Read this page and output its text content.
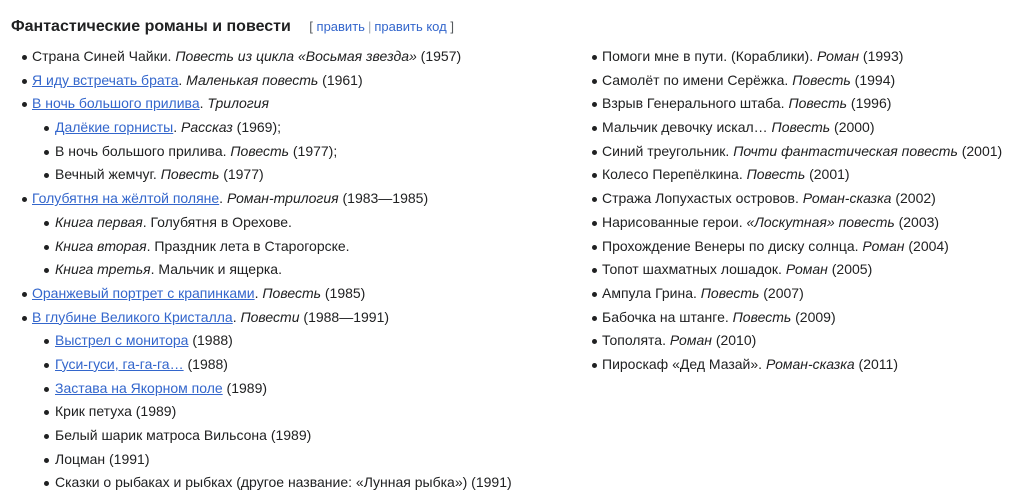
Фантастические романы и повести [ править | править код ]
Страна Синей Чайки. Повесть из цикла «Восьмая звезда» (1957)
Я иду встречать брата. Маленькая повесть (1961)
В ночь большого прилива. Трилогия
Далёкие горнисты. Рассказ (1969);
В ночь большого прилива. Повесть (1977);
Вечный жемчуг. Повесть (1977)
Голубятня на жёлтой поляне. Роман-трилогия (1983—1985)
Книга первая. Голубятня в Орехове.
Книга вторая. Праздник лета в Старогорске.
Книга третья. Мальчик и ящерка.
Оранжевый портрет с крапинками. Повесть (1985)
В глубине Великого Кристалла. Повести (1988—1991)
Выстрел с монитора (1988)
Гуси-гуси, га-га-га… (1988)
Застава на Якорном поле (1989)
Крик петуха (1989)
Белый шарик матроса Вильсона (1989)
Лоцман (1991)
Сказки о рыбаках и рыбках (другое название: «Лунная рыбка») (1991)
Помоги мне в пути. (Кораблики). Роман (1993)
Самолёт по имени Серёжка. Повесть (1994)
Взрыв Генерального штаба. Повесть (1996)
Мальчик девочку искал… Повесть (2000)
Синий треугольник. Почти фантастическая повесть (2001)
Колесо Перепёлкина. Повесть (2001)
Стража Лопухастых островов. Роман-сказка (2002)
Нарисованные герои. «Лоскутная» повесть (2003)
Прохождение Венеры по диску солнца. Роман (2004)
Топот шахматных лошадок. Роман (2005)
Ампула Грина. Повесть (2007)
Бабочка на штанге. Повесть (2009)
Тополята. Роман (2010)
Пироскаф «Дед Мазай». Роман-сказка (2011)
